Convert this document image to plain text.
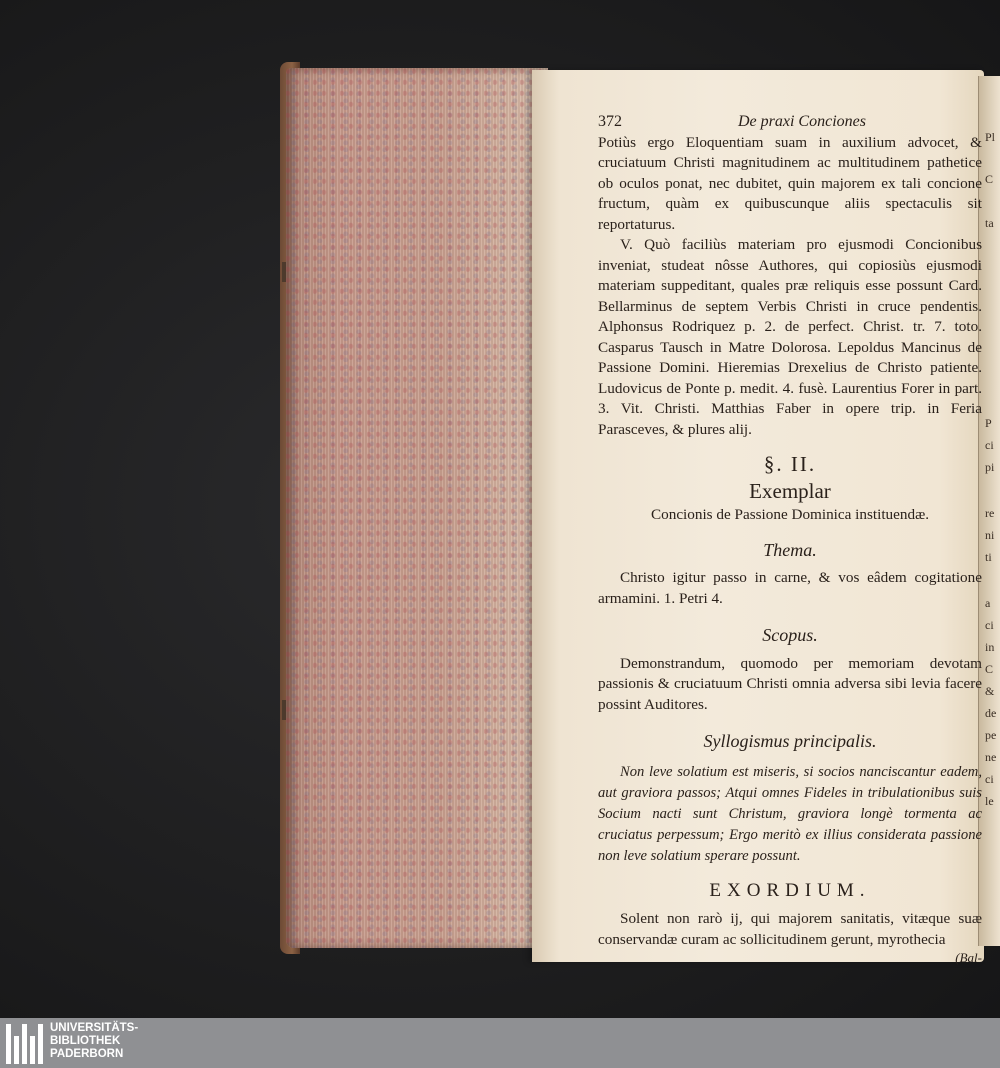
Pl
C
ta
P
ci
pi
re
ni
ti
a
ci
in
C
&
de
pe
ne
ci
le
372	De praxi Conciones

Potiùs ergo Eloquentiam suam in auxilium advocet, & cruciatuum Christi magnitudinem ac multitudinem pathetice ob oculos ponat, nec dubitet, quin majorem ex tali concione fructum, quàm ex quibuscunque aliis spectaculis sit reportaturus.

V. Quò faciliùs materiam pro ejusmodi Concionibus inveniat, studeat nôsse Authores, qui copiosiùs ejusmodi materiam suppeditant, quales præ reliquis esse possunt Card. Bellarminus de septem Verbis Christi in cruce pendentis. Alphonsus Rodriquez p. 2. de perfect. Christ. tr. 7. toto. Casparus Tausch in Matre Dolorosa. Lepoldus Mancinus de Passione Domini. Hieremias Drexelius de Christo patiente. Ludovicus de Ponte p. medit. 4. fusè. Laurentius Forer in part. 3. Vit. Christi. Matthias Faber in opere trip. in Feria Parasceves, & plures alij.

§. II.
Exemplar
Concionis de Passione Dominica instituendæ.
Thema.

Christo igitur passo in carne, & vos eâdem cogitatione armamini. 1. Petri 4.

Scopus.

Demonstrandum, quomodo per memoriam devotam passionis & cruciatuum Christi omnia adversa sibi levia facere possint Auditores.

Syllogismus principalis.

Non leve solatium est miseris, si socios nanciscantur eadem, aut graviora passos; Atqui omnes Fideles in tribulationibus suis Socium nacti sunt Christum, graviora longè tormenta ac cruciatus perpessum; Ergo meritò ex illius considerata passione non leve solatium sperare possunt.

EXORDIUM.

Solent non rarò ij, qui majorem sanitatis, vitæque suæ conservandæ curam ac sollicitudinem gerunt, myrothecia

(Bal-
UNIVERSITÄTS-
BIBLIOTHEK
PADERBORN
